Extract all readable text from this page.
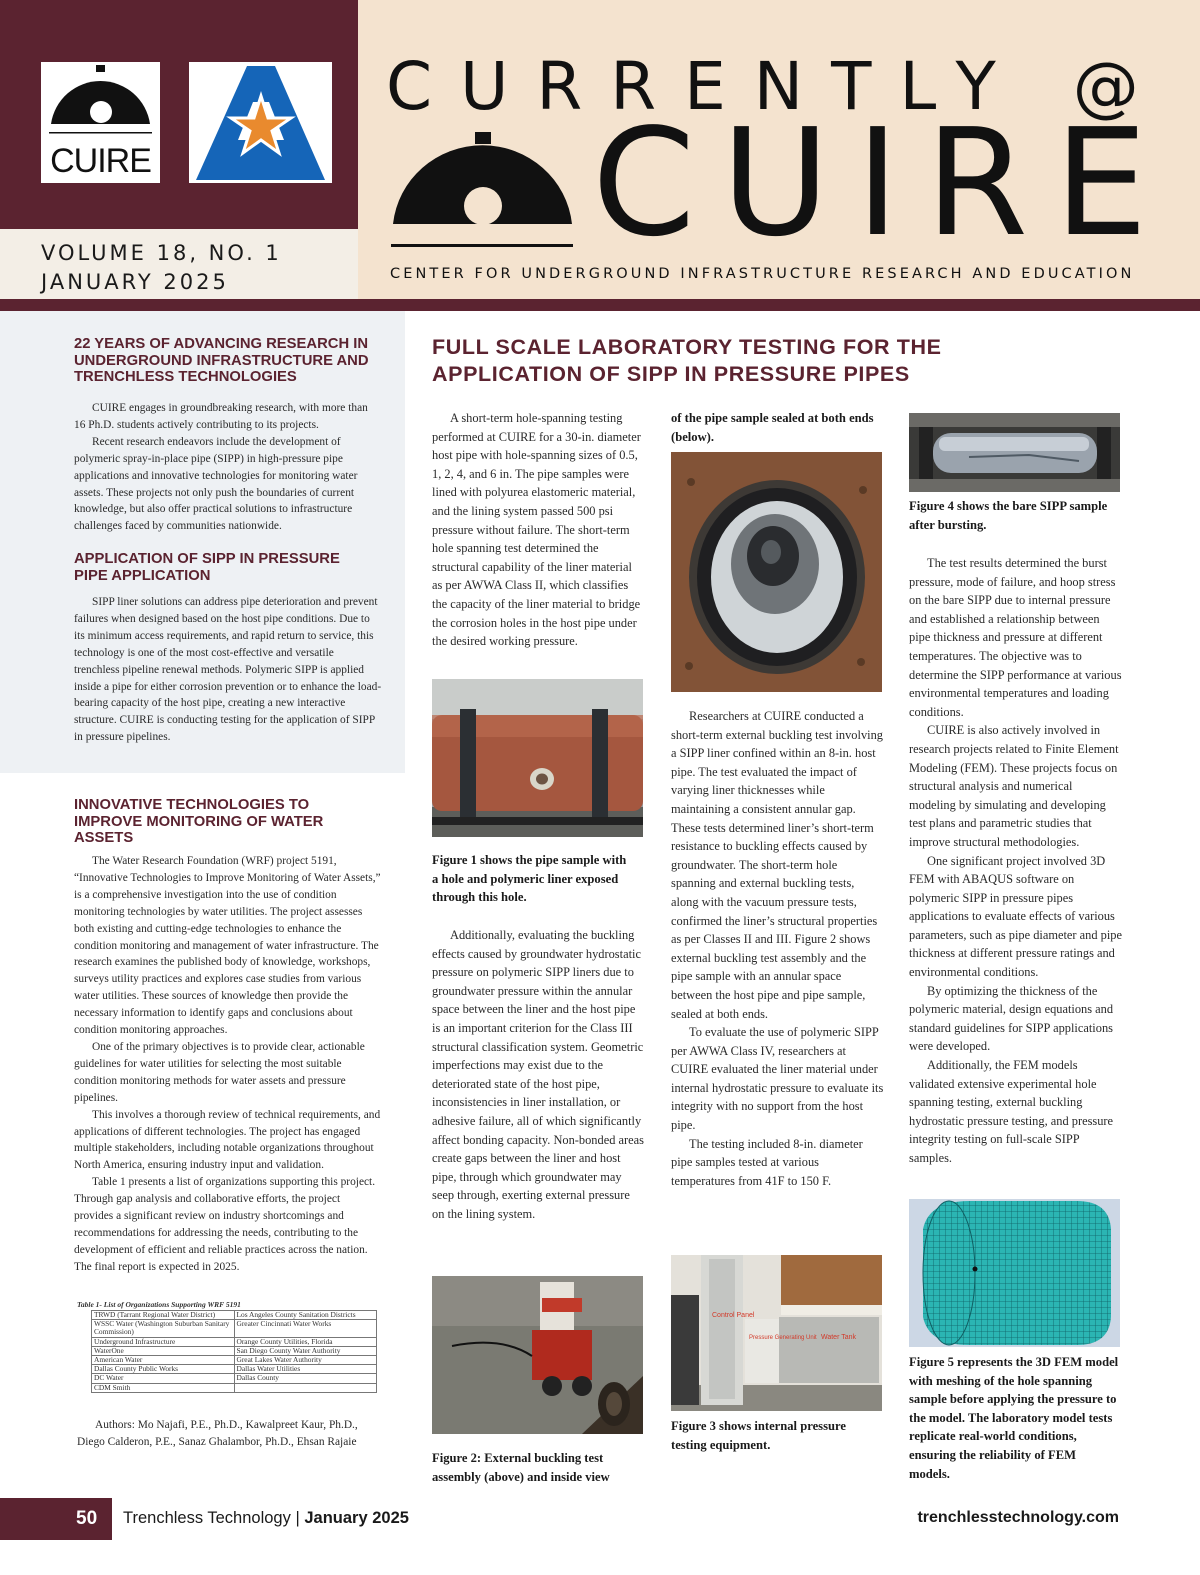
CUIRE
VOLUME 18, NO. 1
JANUARY 2025
CURRENTLY @
CUIRE
CENTER FOR UNDERGROUND INFRASTRUCTURE RESEARCH AND EDUCATION
22 YEARS OF ADVANCING RESEARCH IN UNDERGROUND INFRASTRUCTURE AND TRENCHLESS TECHNOLOGIES

CUIRE engages in groundbreaking research, with more than 16 Ph.D. students actively contributing to its projects.

Recent research endeavors include the development of polymeric spray-in-place pipe (SIPP) in high-pressure pipe applications and innovative technologies for monitoring water assets. These projects not only push the boundaries of current knowledge, but also offer practical solutions to infrastructure challenges faced by communities nationwide.

APPLICATION OF SIPP IN PRESSURE PIPE APPLICATION

SIPP liner solutions can address pipe deterioration and prevent failures when designed based on the host pipe conditions. Due to its minimum access requirements, and rapid return to service, this technology is one of the most cost-effective and versatile trenchless pipeline renewal methods. Polymeric SIPP is applied inside a pipe for either corrosion prevention or to enhance the load-bearing capacity of the host pipe, creating a new interactive structure. CUIRE is conducting testing for the application of SIPP in pressure pipelines.

INNOVATIVE TECHNOLOGIES TO IMPROVE MONITORING OF WATER ASSETS

The Water Research Foundation (WRF) project 5191, “Innovative Technologies to Improve Monitoring of Water Assets,” is a comprehensive investigation into the use of condition monitoring technologies by water utilities. The project assesses both existing and cutting-edge technologies to enhance the condition monitoring and management of water infrastructure. The research examines the published body of knowledge, workshops, surveys utility practices and explores case studies from various water utilities. These sources of knowledge then provide the necessary information to identify gaps and conclusions about condition monitoring approaches.

One of the primary objectives is to provide clear, actionable guidelines for water utilities for selecting the most suitable condition monitoring methods for water assets and pressure pipelines.

This involves a thorough review of technical requirements, and applications of different technologies. The project has engaged multiple stakeholders, including notable organizations throughout North America, ensuring industry input and validation.

Table 1 presents a list of organizations supporting this project. Through gap analysis and collaborative efforts, the project provides a significant review on industry shortcomings and recommendations for addressing the needs, contributing to the development of efficient and reliable practices across the nation. The final report is expected in 2025.

Table 1- List of Organizations Supporting WRF 5191
TRWD (Tarrant Regional Water District)	Los Angeles County Sanitation Districts
WSSC Water (Washington Suburban Sanitary Commission)	Greater Cincinnati Water Works
Underground Infrastructure	Orange County Utilities, Florida
WaterOne	San Diego County Water Authority
American Water	Great Lakes Water Authority
Dallas County Public Works	Dallas Water Utilities
DC Water	Dallas County
CDM Smith	

Authors: Mo Najafi, P.E., Ph.D., Kawalpreet Kaur, Ph.D., Diego Calderon, P.E., Sanaz Ghalambor, Ph.D., Ehsan Rajaie

FULL SCALE LABORATORY TESTING FOR THE APPLICATION OF SIPP IN PRESSURE PIPES

A short-term hole-spanning testing performed at CUIRE for a 30-in. diameter host pipe with hole-spanning sizes of 0.5, 1, 2, 4, and 6 in. The pipe samples were lined with polyurea elastomeric material, and the lining system passed 500 psi pressure without failure. The short-term hole spanning test determined the structural capability of the liner material as per AWWA Class II, which classifies the capacity of the liner material to bridge the corrosion holes in the host pipe under the desired working pressure.

Figure 1 shows the pipe sample with a hole and polymeric liner exposed through this hole.

Additionally, evaluating the buckling effects caused by groundwater hydrostatic pressure on polymeric SIPP liners due to groundwater pressure within the annular space between the liner and the host pipe is an important criterion for the Class III structural classification system. Geometric imperfections may exist due to the deteriorated state of the host pipe, inconsistencies in liner installation, or adhesive failure, all of which significantly affect bonding capacity. Non-bonded areas create gaps between the liner and host pipe, through which groundwater may seep through, exerting external pressure on the lining system.

Figure 2: External buckling test assembly (above) and inside view
of the pipe sample sealed at both ends (below).

Researchers at CUIRE conducted a short-term external buckling test involving a SIPP liner confined within an 8-in. host pipe. The test evaluated the impact of varying liner thicknesses while maintaining a consistent annular gap. These tests determined liner’s short-term resistance to buckling effects caused by groundwater. The short-term hole spanning and external buckling tests, along with the vacuum pressure tests, confirmed the liner’s structural properties as per Classes II and III. Figure 2 shows external buckling test assembly and the pipe sample with an annular space between the host pipe and pipe sample, sealed at both ends.

To evaluate the use of polymeric SIPP per AWWA Class IV, researchers at CUIRE evaluated the liner material under internal hydrostatic pressure to evaluate its integrity with no support from the host pipe.

The testing included 8-in. diameter pipe samples tested at various temperatures from 41F to 150 F.

Control Panel
Pressure Generating Unit Water Tank
Figure 3 shows internal pressure testing equipment.
Figure 4 shows the bare SIPP sample after bursting.

The test results determined the burst pressure, mode of failure, and hoop stress on the bare SIPP due to internal pressure and established a relationship between pipe thickness and pressure at different temperatures. The objective was to determine the SIPP performance at various environmental temperatures and loading conditions.

CUIRE is also actively involved in research projects related to Finite Element Modeling (FEM). These projects focus on structural analysis and numerical modeling by simulating and developing test plans and parametric studies that improve structural methodologies.

One significant project involved 3D FEM with ABAQUS software on polymeric SIPP in pressure pipes applications to evaluate effects of various parameters, such as pipe diameter and pipe thickness at different pressure ratings and environmental conditions.

By optimizing the thickness of the polymeric material, design equations and standard guidelines for SIPP applications were developed.

Additionally, the FEM models validated extensive experimental hole spanning testing, external buckling hydrostatic pressure testing, and pressure integrity testing on full-scale SIPP samples.

Figure 5 represents the 3D FEM model with meshing of the hole spanning sample before applying the pressure to the model. The laboratory model tests replicate real-world conditions, ensuring the reliability of FEM models.
50	Trenchless Technology | January 2025	trenchlesstechnology.com
